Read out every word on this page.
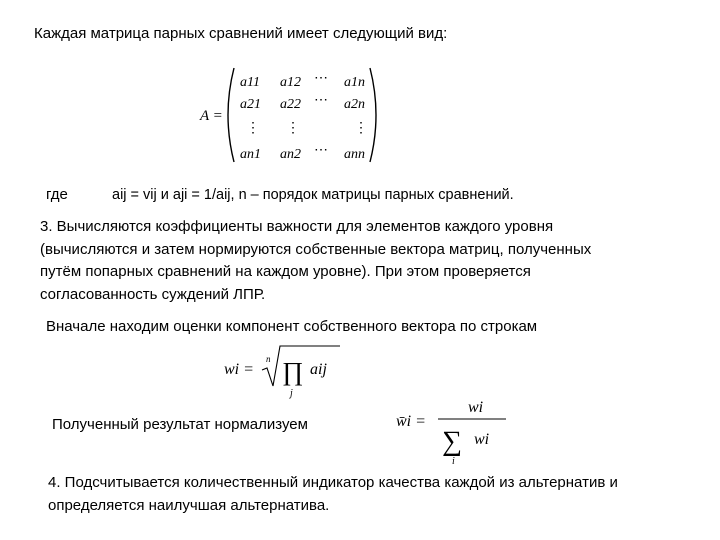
Каждая матрица парных сравнений имеет следующий вид:
A =
a11 a12 ⋯ a1n
a21 a22 ⋯ a2n
⋮ ⋮	⋮
an1 an2 ⋯ ann
где	aij = vij и aji = 1/aij, n – порядок матрицы парных сравнений.
3. Вычисляются коэффициенты важности для элементов каждого уровня
(вычисляются и затем нормируются собственные вектора матриц, полученных
путём попарных сравнений на каждом уровне). При этом проверяется
согласованность суждений ЛПР.
Вначале находим оценки компонент собственного вектора по строкам
wi =
n ∏
j
aij
Полученный результат нормализуем	w̄i =
wi
∑
i
wi
4. Подсчитывается количественный индикатор качества каждой из альтернатив и
определяется наилучшая альтернатива.
